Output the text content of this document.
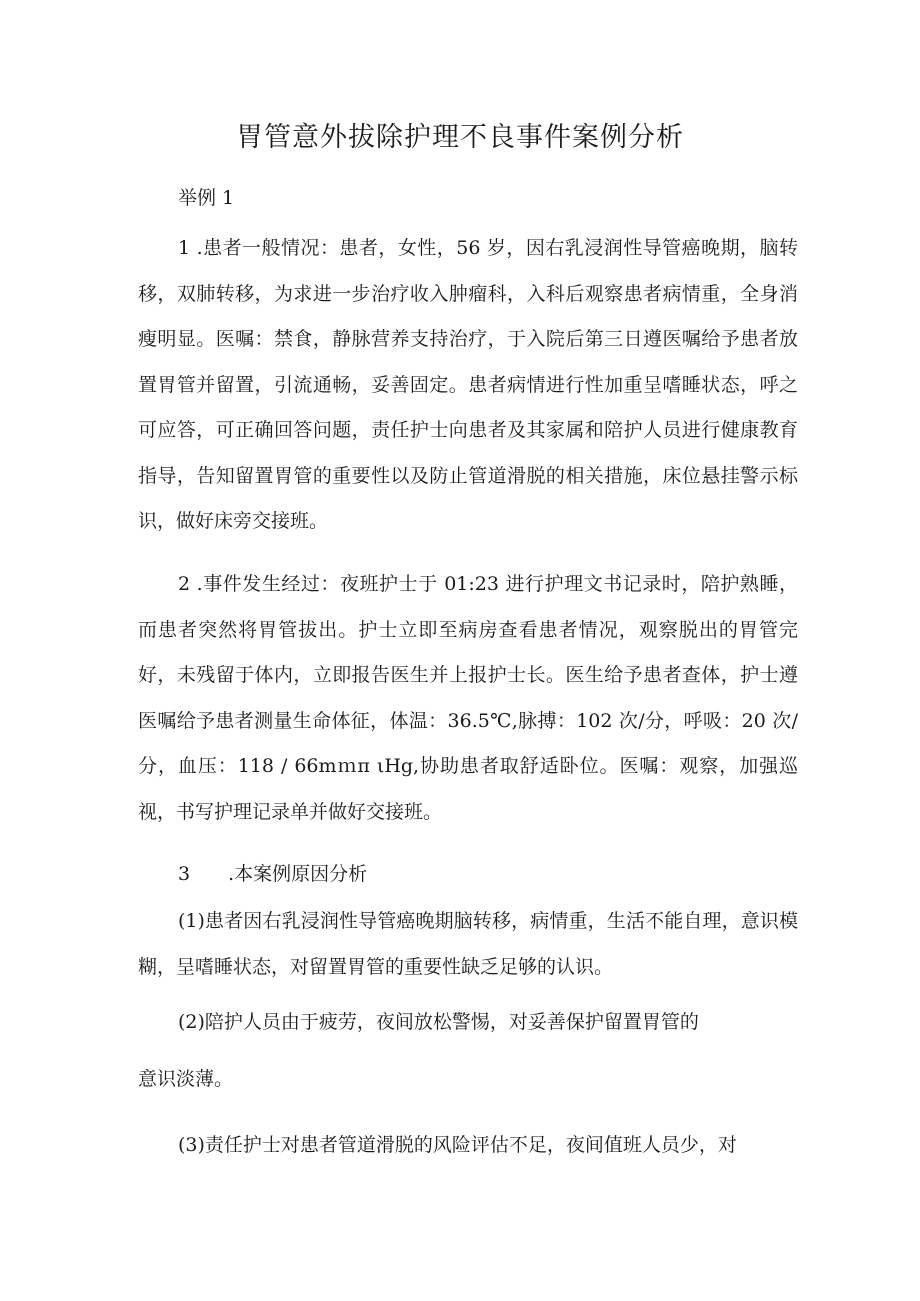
胃管意外拔除护理不良事件案例分析

举例 1

1 .患者一般情况：患者，女性，56 岁，因右乳浸润性导管癌晚期，脑转移，双肺转移，为求进一步治疗收入肿瘤科，入科后观察患者病情重，全身消瘦明显。医嘱：禁食，静脉营养支持治疗，于入院后第三日遵医嘱给予患者放置胃管并留置，引流通畅，妥善固定。患者病情进行性加重呈嗜睡状态，呼之可应答，可正确回答问题，责任护士向患者及其家属和陪护人员进行健康教育指导，告知留置胃管的重要性以及防止管道滑脱的相关措施，床位悬挂警示标识，做好床旁交接班。

2 .事件发生经过：夜班护士于 01:23 进行护理文书记录时，陪护熟睡，而患者突然将胃管拔出。护士立即至病房查看患者情况，观察脱出的胃管完好，未残留于体内，立即报告医生并上报护士长。医生给予患者查体，护士遵医嘱给予患者测量生命体征，体温：36.5℃,脉搏：102 次/分，呼吸：20 次/分，血压：118 / 66mｍπ ιHg,协助患者取舒适卧位。医嘱：观察，加强巡视，书写护理记录单并做好交接班。

3　　.本案例原因分析

(1)患者因右乳浸润性导管癌晚期脑转移，病情重，生活不能自理，意识模糊，呈嗜睡状态，对留置胃管的重要性缺乏足够的认识。

(2)陪护人员由于疲劳，夜间放松警惕，对妥善保护留置胃管的

意识淡薄。

(3)责任护士对患者管道滑脱的风险评估不足，夜间值班人员少，对
